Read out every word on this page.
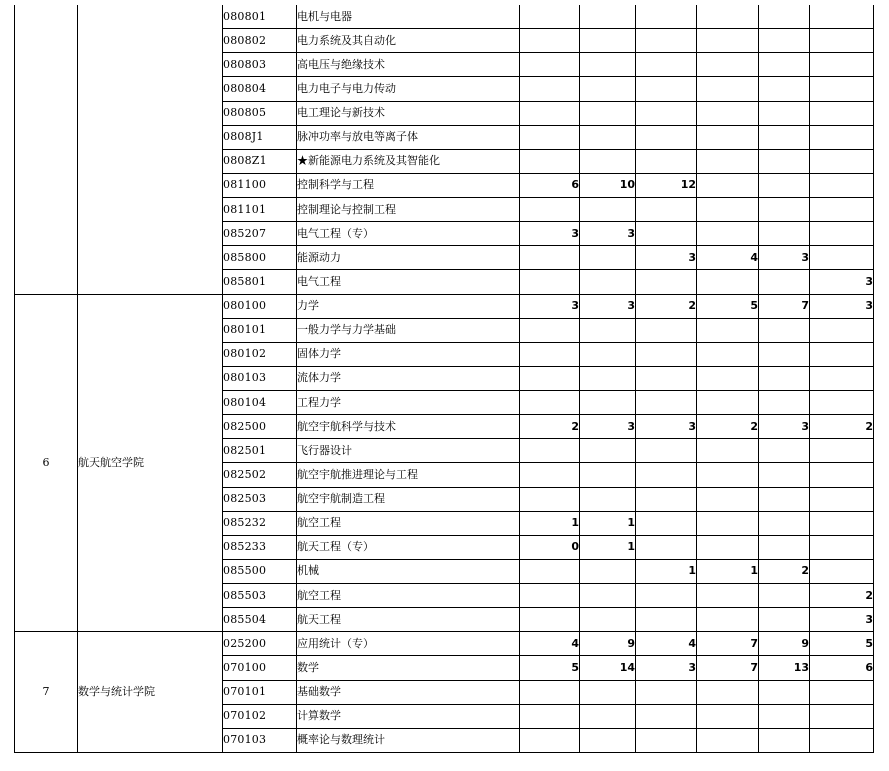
		080801	电机与电器						
		080802	电力系统及其自动化						
		080803	高电压与绝缘技术						
		080804	电力电子与电力传动						
		080805	电工理论与新技术						
		0808J1	脉冲功率与放电等离子体						
		0808Z1	★新能源电力系统及其智能化						
		081100	控制科学与工程	6	10	12			
		081101	控制理论与控制工程						
		085207	电气工程（专）	3	3				
		085800	能源动力			3	4	3	
		085801	电气工程						3
6	航天航空学院	080100	力学	3	3	2	5	7	3
		080101	一般力学与力学基础						
		080102	固体力学						
		080103	流体力学						
		080104	工程力学						
		082500	航空宇航科学与技术	2	3	3	2	3	2
		082501	飞行器设计						
		082502	航空宇航推进理论与工程						
		082503	航空宇航制造工程						
		085232	航空工程	1	1				
		085233	航天工程（专）	0	1				
		085500	机械			1	1	2	
		085503	航空工程						2
		085504	航天工程						3
7	数学与统计学院	025200	应用统计（专）	4	9	4	7	9	5
		070100	数学	5	14	3	7	13	6
		070101	基础数学						
		070102	计算数学						
		070103	概率论与数理统计						
